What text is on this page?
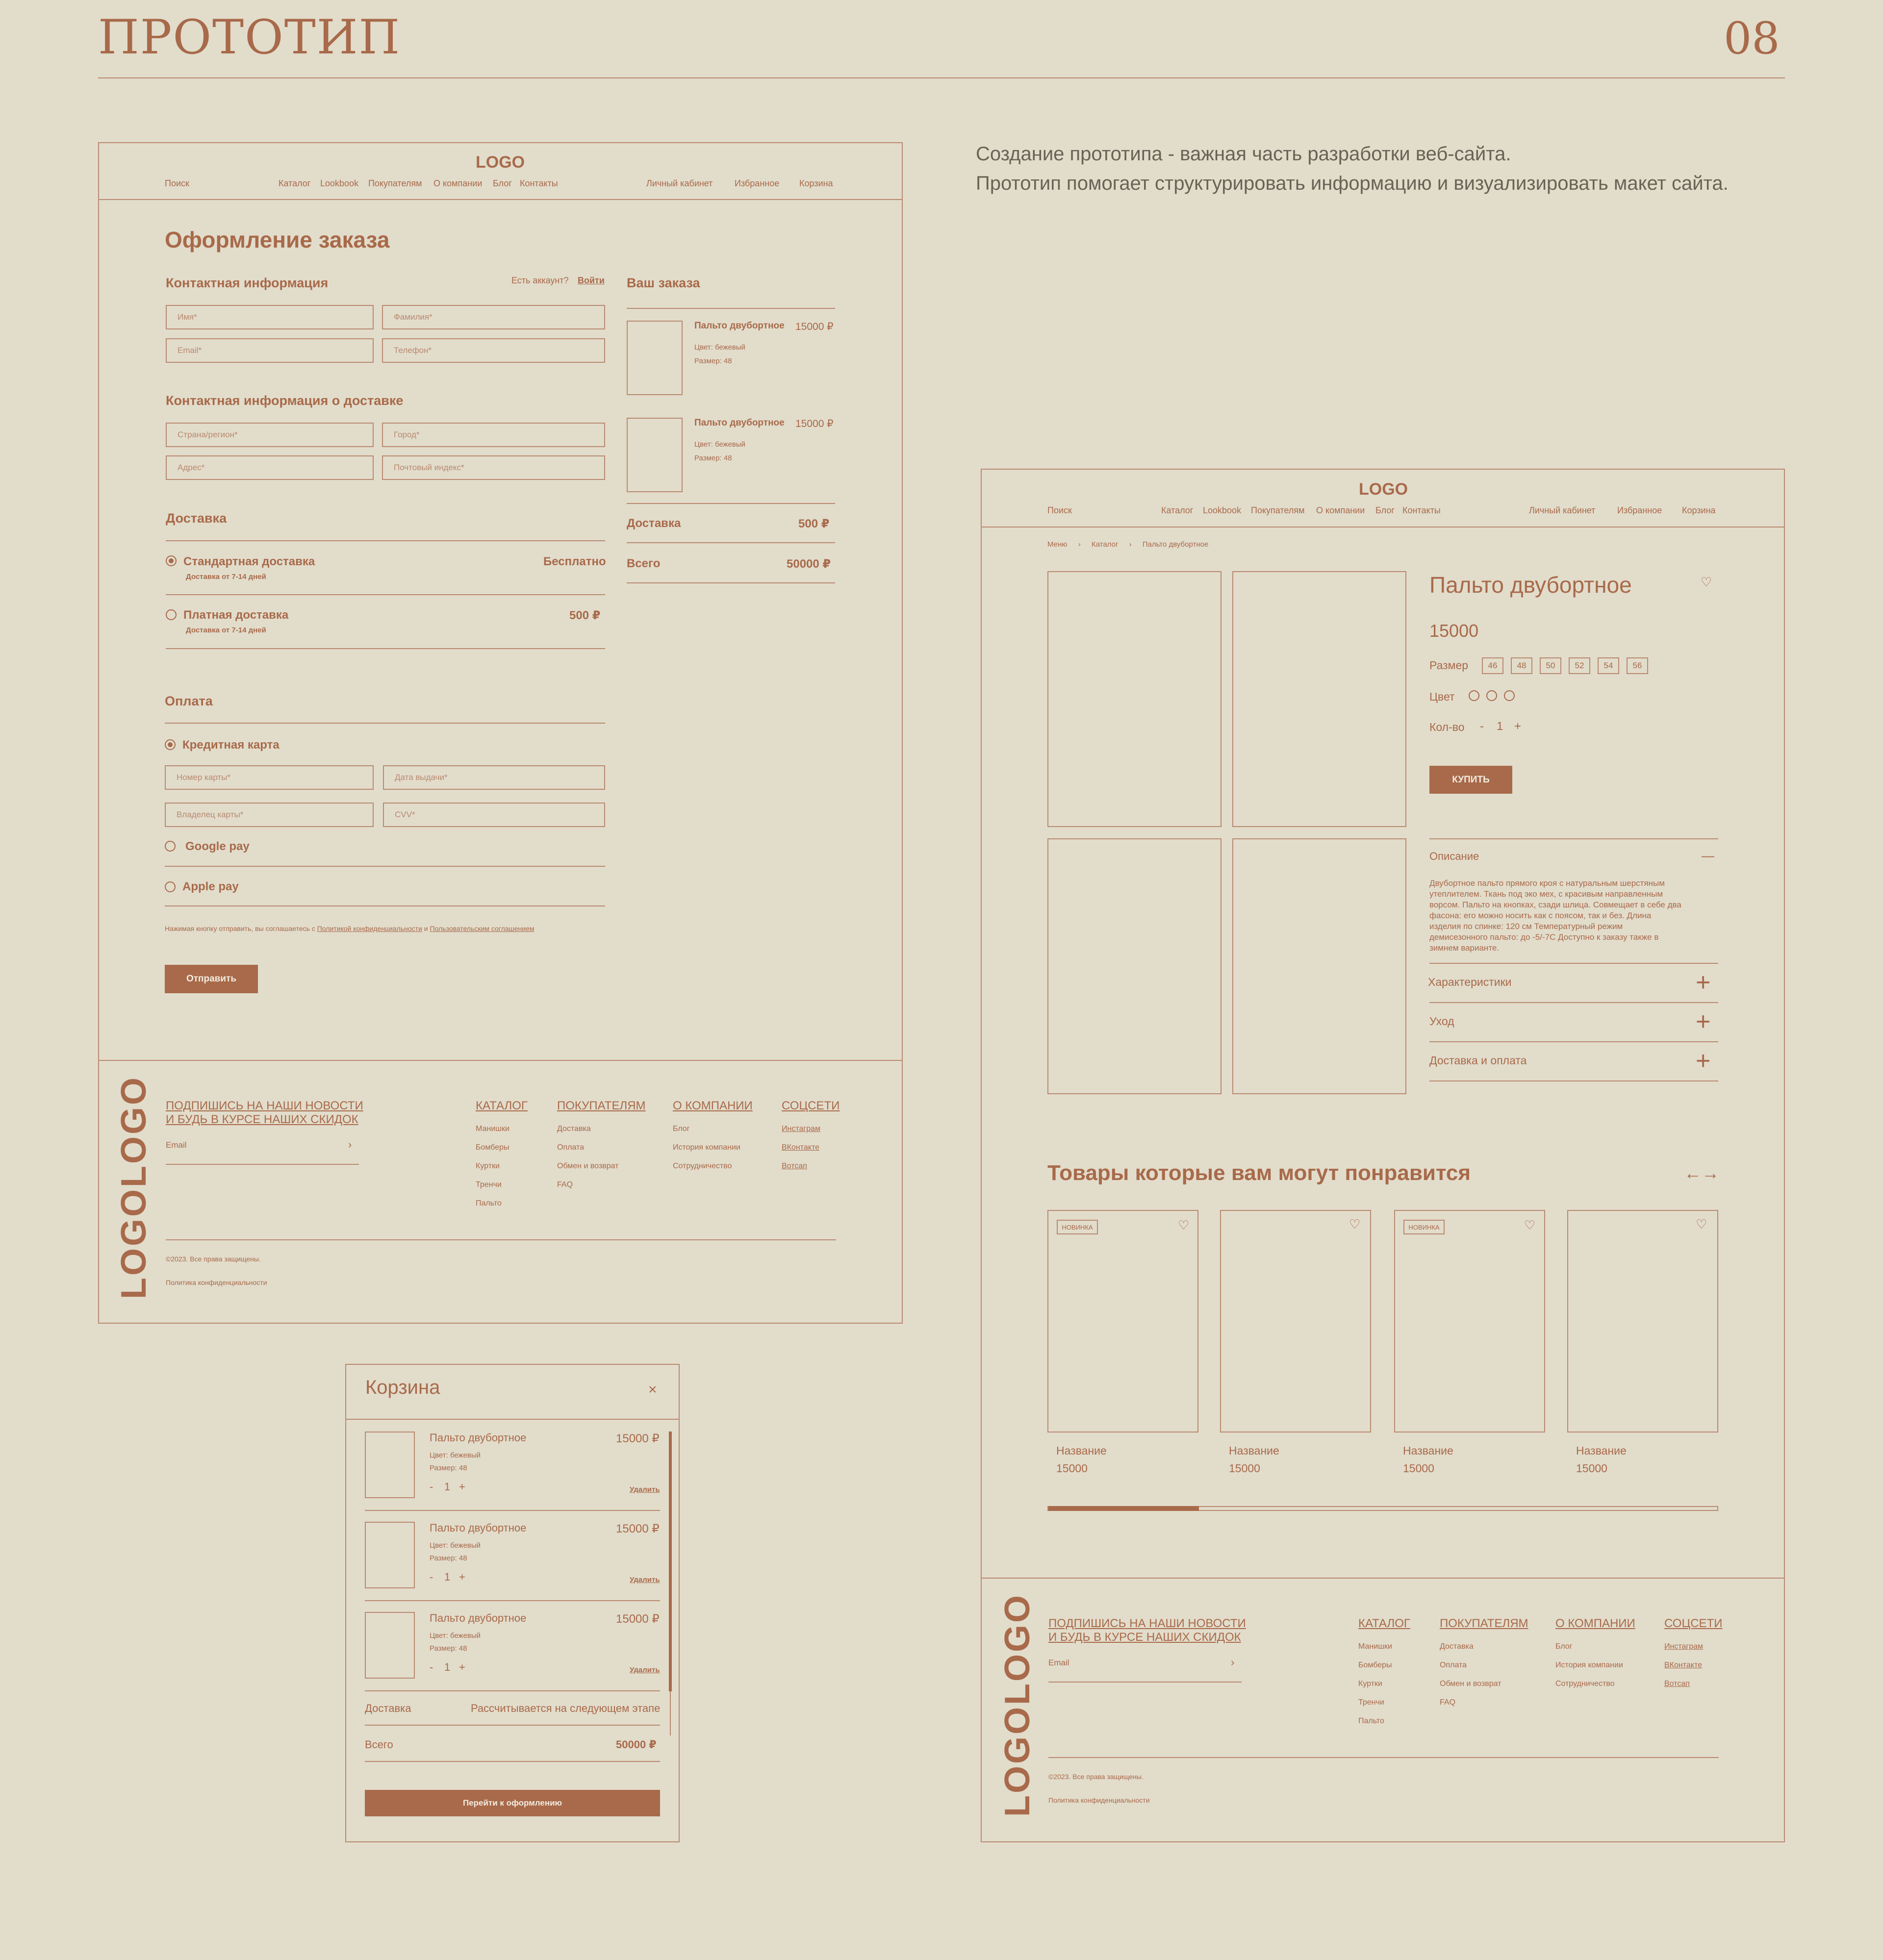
ПРОТОТИП	08
Создание прототипа - важная часть разработки веб-сайта.
Прототип помогает структурировать информацию и визуализировать макет сайта.
LOGO
Поиск	Каталог Lookbook Покупателям О компании Блог Контакты	Личный кабинет Избранное Корзина
Оформление заказа
Контактная информация	Есть аккаунт? Войти
Имя*	Фамилия*
Email*	Телефон*
Контактная информация о доставке
Страна/регион*	Город*
Адрес*	Почтовый индекс*
Доставка
Стандартная доставка
Доставка от 7-14 дней
Бесплатно
Платная доставка
Доставка от 7-14 дней
500 ₽
Оплата
Кредитная карта
Номер карты*	Дата выдачи*
Владелец карты*	CVV*
Google pay
Apple pay
Нажимая кнопку отправить, вы соглашаетесь с Политикой конфиденциальности и Пользовательским соглашением
Отправить
Ваш заказа
Пальто двубортное 15000 ₽
Цвет: бежевый
Размер: 48
Пальто двубортное 15000 ₽
Цвет: бежевый
Размер: 48
Доставка	500 ₽
Всего	50000 ₽
LOGOLOGO ПОДПИШИСЬ НА НАШИ НОВОСТИ
И БУДЬ В КУРСЕ НАШИХ СКИДОК
Email	›
КАТАЛОГ
Манишки
Бомберы
Куртки
Тренчи
Пальто
ПОКУПАТЕЛЯМ
Доставка
Оплата
Обмен и возврат
FAQ
О КОМПАНИИ
Блог
История компании
Сотрудничество
СОЦСЕТИ
Инстаграм
ВКонтакте
Вотсап
©2023. Все права защищены.
Политика конфиденциальности
Корзина	×
Пальто двубортное	15000 ₽
Цвет: бежевый
Размер: 48
- 1 +	Удалить
Пальто двубортное	15000 ₽
Цвет: бежевый
Размер: 48
- 1 +	Удалить
Пальто двубортное	15000 ₽
Цвет: бежевый
Размер: 48
- 1 +	Удалить
Доставка	Рассчитывается на следующем этапе
Всего	50000 ₽
Перейти к оформлению
LOGO
Поиск	Каталог Lookbook Покупателям О компании Блог Контакты	Личный кабинет Избранное Корзина
Меню › Каталог › Пальто двубортное
Пальто двубортное	♡
15000
Размер	46	48	50	52	54	56
Цвет
Кол-во - 1 +
КУПИТЬ
Описание	—
Двубортное пальто прямого кроя с натуральным шерстяным
утеплителем. Ткань под эко мех, с красивым направленным
ворсом. Пальто на кнопках, сзади шлица. Совмещает в себе два
фасона: его можно носить как с поясом, так и без. Длина
изделия по спинке: 120 см Температурный режим
демисезонного пальто: до -5/-7С Доступно к заказу также в
зимнем варианте.
Характеристики	+
Уход	+
Доставка и оплата	+
Товары которые вам могут понравится	←→
НОВИНКА	♡
Название
15000
♡
Название
15000
НОВИНКА	♡
Название
15000
♡
Название
15000
LOGOLOGO ПОДПИШИСЬ НА НАШИ НОВОСТИ
И БУДЬ В КУРСЕ НАШИХ СКИДОК
Email	›
КАТАЛОГ
Манишки
Бомберы
Куртки
Тренчи
Пальто
ПОКУПАТЕЛЯМ
Доставка
Оплата
Обмен и возврат
FAQ
О КОМПАНИИ
Блог
История компании
Сотрудничество
СОЦСЕТИ
Инстаграм
ВКонтакте
Вотсап
©2023. Все права защищены.
Политика конфиденциальности
